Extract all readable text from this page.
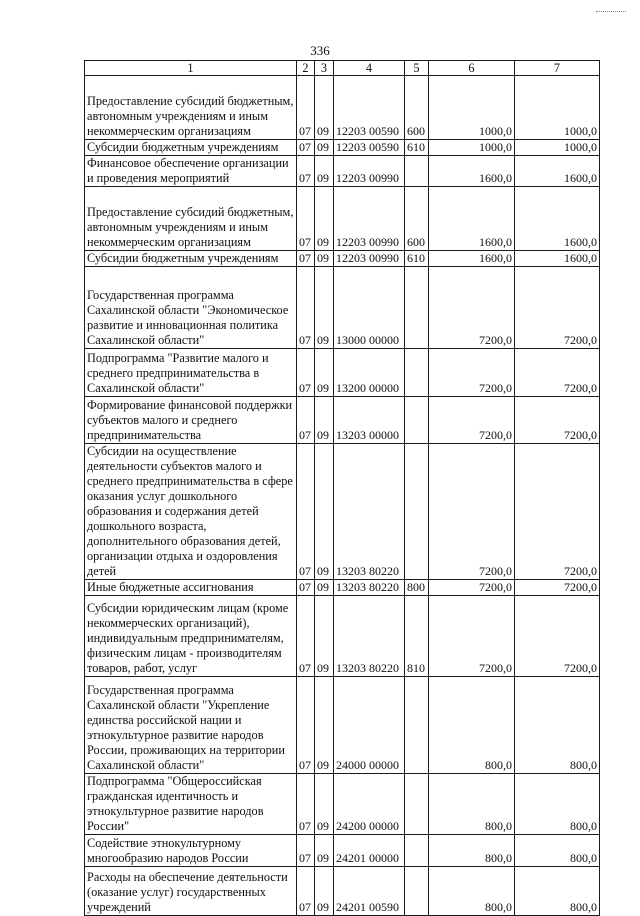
336
1	2	3	4	5	6	7
Предоставление субсидий бюджетным, автономным учреждениям и иным некоммерческим организациям	07	09	12203 00590	600	1000,0	1000,0
Субсидии бюджетным учреждениям	07	09	12203 00590	610	1000,0	1000,0
Финансовое обеспечение организации и проведения мероприятий	07	09	12203 00990		1600,0	1600,0
Предоставление субсидий бюджетным, автономным учреждениям и иным некоммерческим организациям	07	09	12203 00990	600	1600,0	1600,0
Субсидии бюджетным учреждениям	07	09	12203 00990	610	1600,0	1600,0
Государственная программа Сахалинской области "Экономическое развитие и инновационная политика Сахалинской области"	07	09	13000 00000		7200,0	7200,0
Подпрограмма "Развитие малого и среднего предпринимательства в Сахалинской области"	07	09	13200 00000		7200,0	7200,0
Формирование финансовой поддержки субъектов малого и среднего предпринимательства	07	09	13203 00000		7200,0	7200,0
Субсидии на осуществление деятельности субъектов малого и среднего предпринимательства в сфере оказания услуг дошкольного образования и содержания детей дошкольного возраста, дополнительного образования детей, организации отдыха и оздоровления детей	07	09	13203 80220		7200,0	7200,0
Иные бюджетные ассигнования	07	09	13203 80220	800	7200,0	7200,0
Субсидии юридическим лицам (кроме некоммерческих организаций), индивидуальным предпринимателям, физическим лицам - производителям товаров, работ, услуг	07	09	13203 80220	810	7200,0	7200,0
Государственная программа Сахалинской области "Укрепление единства российской нации и этнокультурное развитие народов России, проживающих на территории Сахалинской области"	07	09	24000 00000		800,0	800,0
Подпрограмма "Общероссийская гражданская идентичность и этнокультурное развитие народов России"	07	09	24200 00000		800,0	800,0
Содействие этнокультурному многообразию народов России	07	09	24201 00000		800,0	800,0
Расходы на обеспечение деятельности (оказание услуг) государственных учреждений	07	09	24201 00590		800,0	800,0
